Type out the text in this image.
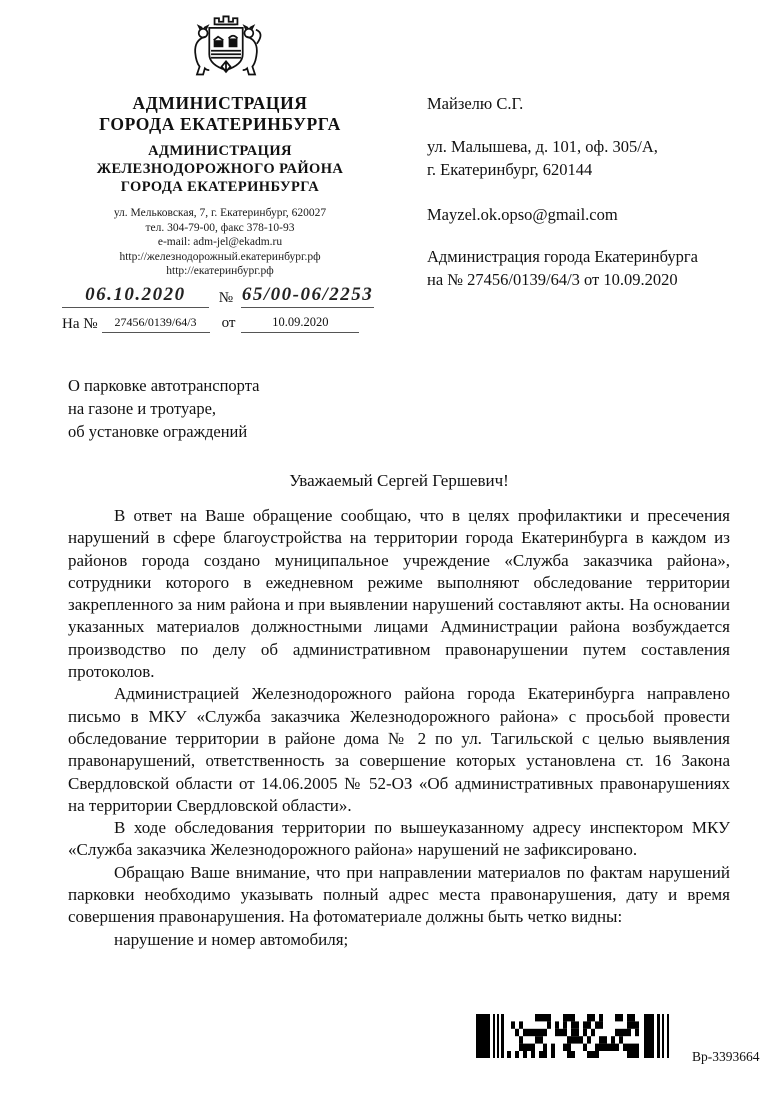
АДМИНИСТРАЦИЯ
ГОРОДА ЕКАТЕРИНБУРГА
АДМИНИСТРАЦИЯ
ЖЕЛЕЗНОДОРОЖНОГО РАЙОНА
ГОРОДА ЕКАТЕРИНБУРГА
ул. Мельковская, 7, г. Екатеринбург, 620027
тел. 304-79-00, факс 378-10-93
e-mail: adm-jel@ekadm.ru
http://железнодорожный.екатеринбург.рф
http://екатеринбург.рф
06.10.2020	№ 65/00-06/2253
На №	27456/0139/64/3	от	10.09.2020
О парковке автотранспорта
на газоне и тротуаре,
об установке ограждений
Майзелю С.Г.
ул. Малышева, д. 101, оф. 305/А,
г. Екатеринбург, 620144
Mayzel.ok.opso@gmail.com
Администрация города Екатеринбурга
на № 27456/0139/64/3 от 10.09.2020
Уважаемый Сергей Гершевич!

В ответ на Ваше обращение сообщаю, что в целях профилактики и пресечения нарушений в сфере благоустройства на территории города Екатеринбурга в каждом из районов города создано муниципальное учреждение «Служба заказчика района», сотрудники которого в ежедневном режиме выполняют обследование территории закрепленного за ним района и при выявлении нарушений составляют акты. На основании указанных материалов должностными лицами Администрации района возбуждается производство по делу об административном правонарушении путем составления протоколов.

Администрацией Железнодорожного района города Екатеринбурга направлено письмо в МКУ «Служба заказчика Железнодорожного района» с просьбой провести обследование территории в районе дома № 2 по ул. Тагильской с целью выявления правонарушений, ответственность за совершение которых установлена ст. 16 Закона Свердловской области от 14.06.2005 № 52-ОЗ «Об административных правонарушениях на территории Свердловской области».

В ходе обследования территории по вышеуказанному адресу инспектором МКУ «Служба заказчика Железнодорожного района» нарушений не зафиксировано.

Обращаю Ваше внимание, что при направлении материалов по фактам нарушений парковки необходимо указывать полный адрес места правонарушения, дату и время совершения правонарушения. На фотоматериале должны быть четко видны:

нарушение и номер автомобиля;

Вр-3393664
